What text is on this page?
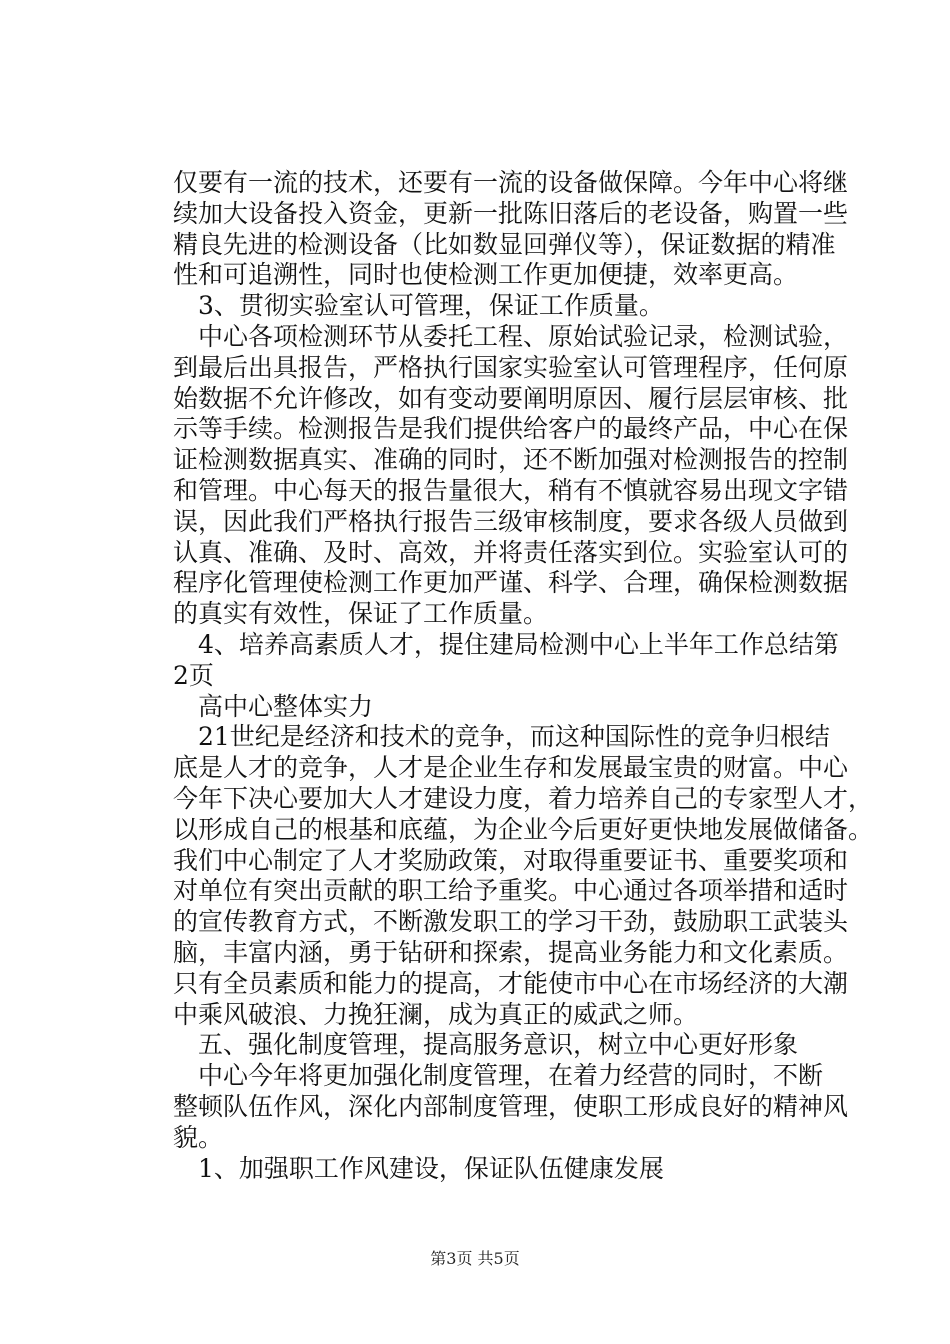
仅要有一流的技术，还要有一流的设备做保障。今年中心将继
续加大设备投入资金，更新一批陈旧落后的老设备，购置一些
精良先进的检测设备（比如数显回弹仪等），保证数据的精准
性和可追溯性，同时也使检测工作更加便捷，效率更高。
　3、贯彻实验室认可管理，保证工作质量。
　中心各项检测环节从委托工程、原始试验记录，检测试验，
到最后出具报告，严格执行国家实验室认可管理程序，任何原
始数据不允许修改，如有变动要阐明原因、履行层层审核、批
示等手续。检测报告是我们提供给客户的最终产品，中心在保
证检测数据真实、准确的同时，还不断加强对检测报告的控制
和管理。中心每天的报告量很大，稍有不慎就容易出现文字错
误，因此我们严格执行报告三级审核制度，要求各级人员做到
认真、准确、及时、高效，并将责任落实到位。实验室认可的
程序化管理使检测工作更加严谨、科学、合理，确保检测数据
的真实有效性，保证了工作质量。
　4、培养高素质人才，提住建局检测中心上半年工作总结第
2页
　高中心整体实力
　21世纪是经济和技术的竞争，而这种国际性的竞争归根结
底是人才的竞争，人才是企业生存和发展最宝贵的财富。中心
今年下决心要加大人才建设力度，着力培养自己的专家型人才，
以形成自己的根基和底蕴，为企业今后更好更快地发展做储备。
我们中心制定了人才奖励政策，对取得重要证书、重要奖项和
对单位有突出贡献的职工给予重奖。中心通过各项举措和适时
的宣传教育方式，不断激发职工的学习干劲，鼓励职工武装头
脑，丰富内涵，勇于钻研和探索，提高业务能力和文化素质。
只有全员素质和能力的提高，才能使市中心在市场经济的大潮
中乘风破浪、力挽狂澜，成为真正的威武之师。
　五、强化制度管理，提高服务意识，树立中心更好形象
　中心今年将更加强化制度管理，在着力经营的同时，不断
整顿队伍作风，深化内部制度管理，使职工形成良好的精神风
貌。
　1、加强职工作风建设，保证队伍健康发展
第3页 共5页
